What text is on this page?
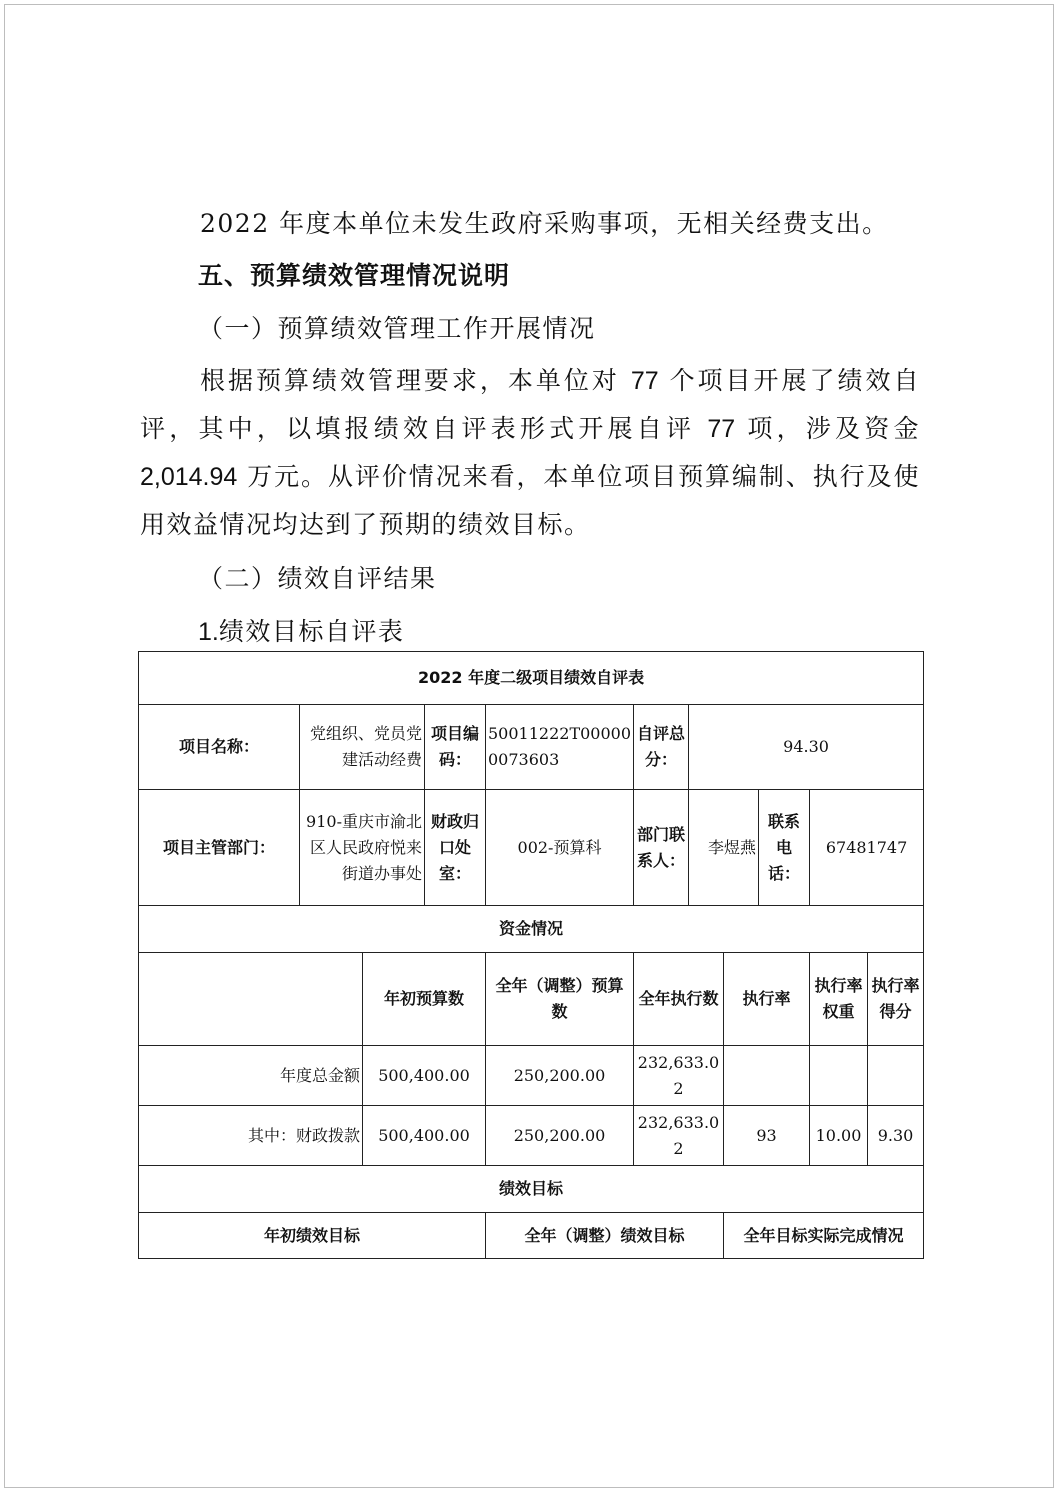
2022 年度本单位未发生政府采购事项，无相关经费支出。

五、预算绩效管理情况说明

（一）预算绩效管理工作开展情况

根据预算绩效管理要求，本单位对 77 个项目开展了绩效自评，其中，以填报绩效自评表形式开展自评 77 项，涉及资金 2,014.94 万元。从评价情况来看，本单位项目预算编制、执行及使用效益情况均达到了预期的绩效目标。

（二）绩效自评结果

1.绩效目标自评表

2022 年度二级项目绩效自评表										
项目名称：	党组织、党员党建活动经费		项目编码：	50011222T000000073603	自评总分：	94.30				
项目主管部门：	910-重庆市渝北区人民政府悦来街道办事处		财政归口处室：	002-预算科	部门联系人：	李煜燕		联系电话：	67481747	
资金情况										
		年初预算数		全年（调整）预算数	全年执行数		执行率		执行率权重	执行率得分
年度总金额		500,400.00		250,200.00	232,633.02					
其中：财政拨款		500,400.00		250,200.00	232,633.02		93		10.00	9.30
绩效目标										
年初绩效目标				全年（调整）绩效目标			全年目标实际完成情况			
